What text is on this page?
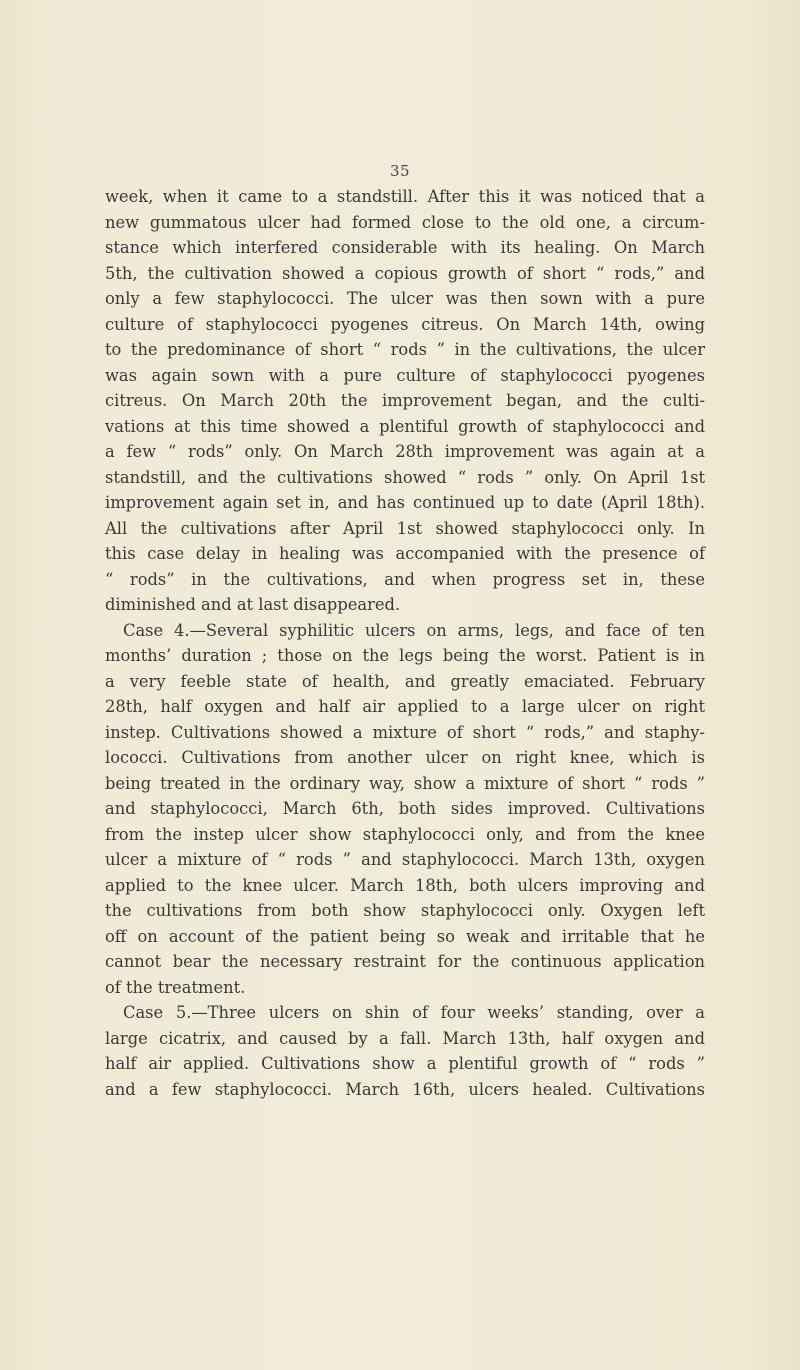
35
week, when it came to a standstill. After this it was noticed that a
new gummatous ulcer had formed close to the old one, a circum-
stance which interfered considerable with its healing. On March
5th, the cultivation showed a copious growth of short “ rods,” and
only a few staphylococci. The ulcer was then sown with a pure
culture of staphylococci pyogenes citreus. On March 14th, owing
to the predominance of short “ rods ” in the cultivations, the ulcer
was again sown with a pure culture of staphylococci pyogenes
citreus. On March 20th the improvement began, and the culti-
vations at this time showed a plentiful growth of staphylococci and
a few “ rods” only. On March 28th improvement was again at a
standstill, and the cultivations showed “ rods ” only. On April 1st
improvement again set in, and has continued up to date (April 18th).
All the cultivations after April 1st showed staphylococci only. In
this case delay in healing was accompanied with the presence of
“ rods” in the cultivations, and when progress set in, these
diminished and at last disappeared.
Case 4.—Several syphilitic ulcers on arms, legs, and face of ten
months’ duration ; those on the legs being the worst. Patient is in
a very feeble state of health, and greatly emaciated. February
28th, half oxygen and half air applied to a large ulcer on right
instep. Cultivations showed a mixture of short “ rods,” and staphy-
lococci. Cultivations from another ulcer on right knee, which is
being treated in the ordinary way, show a mixture of short “ rods ”
and staphylococci, March 6th, both sides improved. Cultivations
from the instep ulcer show staphylococci only, and from the knee
ulcer a mixture of “ rods ” and staphylococci. March 13th, oxygen
applied to the knee ulcer. March 18th, both ulcers improving and
the cultivations from both show staphylococci only. Oxygen left
off on account of the patient being so weak and irritable that he
cannot bear the necessary restraint for the continuous application
of the treatment.
Case 5.—Three ulcers on shin of four weeks’ standing, over a
large cicatrix, and caused by a fall. March 13th, half oxygen and
half air applied. Cultivations show a plentiful growth of “ rods ”
and a few staphylococci. March 16th, ulcers healed. Cultivations
